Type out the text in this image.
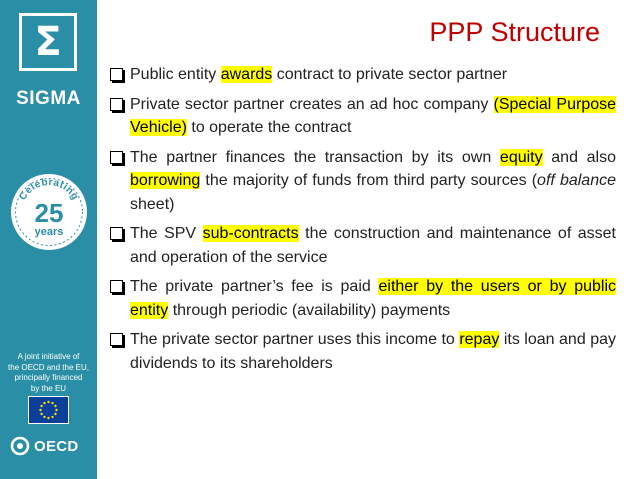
Σ
SIGMA
Celebrating
25
years
A joint initiative of
the OECD and the EU,
principally financed
by the EU
OECD
PPP Structure
Public entity awards contract to private sector partner
Private sector partner creates an ad hoc company (Special Purpose Vehicle) to operate the contract
The partner finances the transaction by its own equity and also borrowing the majority of funds from third party sources (off balance sheet)
The SPV sub-contracts the construction and maintenance of asset and operation of the service
The private partner’s fee is paid either by the users or by public entity through periodic (availability) payments
The private sector partner uses this income to repay its loan and pay dividends to its shareholders
